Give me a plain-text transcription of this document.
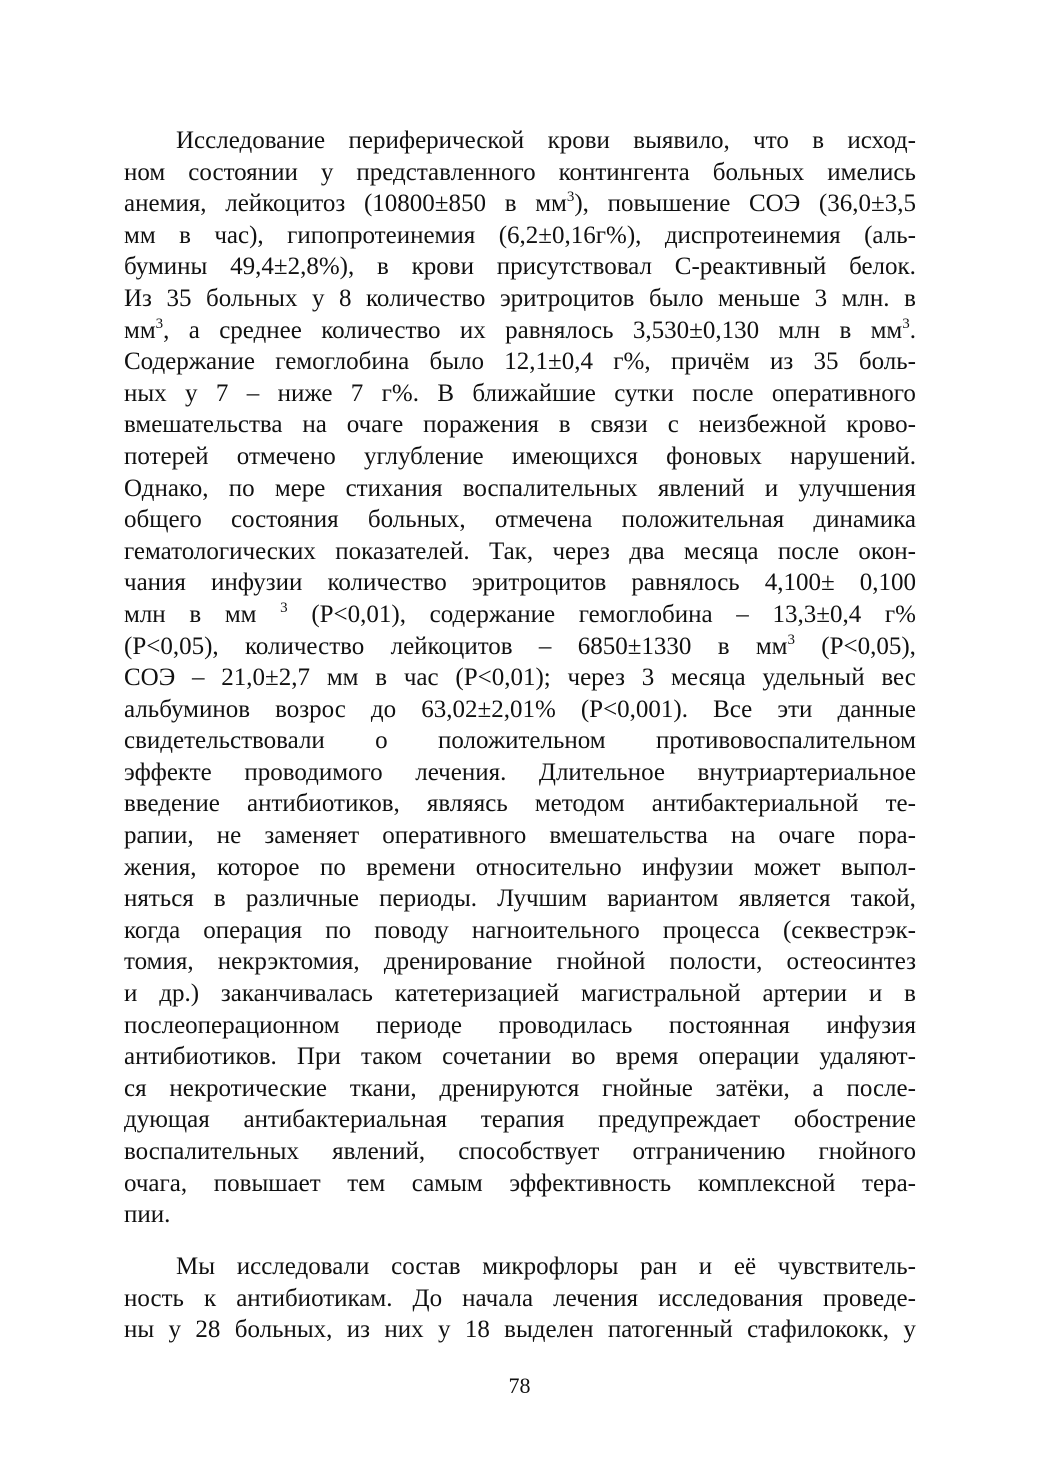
Исследование периферической крови выявило, что в исход-
ном состоянии у представленного контингента больных имелись
анемия, лейкоцитоз (10800±850 в $мм^3$), повышение СОЭ (36,0±3,5
мм в час), гипопротеинемия (6,2±0,16г%), диспротеинемия (аль-
бумины 49,4±2,8%), в крови присутствовал С-реактивный белок.
Из 35 больных у 8 количество эритроцитов было меньше 3 млн. в
$мм^3$, а среднее количество их равнялось 3,530±0,130 млн в $мм^3$.
Содержание гемоглобина было 12,1±0,4 г%, причём из 35 боль-
ных у 7 – ниже 7 г%. В ближайшие сутки после оперативного
вмешательства на очаге поражения в связи с неизбежной крово-
потерей отмечено углубление имеющихся фоновых нарушений.
Однако, по мере стихания воспалительных явлений и улучшения
общего состояния больных, отмечена положительная динамика
гематологических показателей. Так, через два месяца после окон-
чания инфузии количество эритроцитов равнялось 4,100± 0,100
млн в мм $^3$ (Р<0,01), содержание гемоглобина – 13,3±0,4 г%
(Р<0,05), количество лейкоцитов – 6850±1330 в $мм^3$ (Р<0,05),
СОЭ – 21,0±2,7 мм в час (Р<0,01); через 3 месяца удельный вес
альбуминов возрос до 63,02±2,01% (Р<0,001). Все эти данные
свидетельствовали о положительном противовоспалительном
эффекте проводимого лечения. Длительное внутриартериальное
введение антибиотиков, являясь методом антибактериальной те-
рапии, не заменяет оперативного вмешательства на очаге пора-
жения, которое по времени относительно инфузии может выпол-
няться в различные периоды. Лучшим вариантом является такой,
когда операция по поводу нагноительного процесса (секвестрэк-
томия, некрэктомия, дренирование гнойной полости, остеосинтез
и др.) заканчивалась катетеризацией магистральной артерии и в
послеоперационном периоде проводилась постоянная инфузия
антибиотиков. При таком сочетании во время операции удаляют-
ся некротические ткани, дренируются гнойные затёки, а после-
дующая антибактериальная терапия предупреждает обострение
воспалительных явлений, способствует отграничению гнойного
очага, повышает тем самым эффективность комплексной тера-
пии.

Мы исследовали состав микрофлоры ран и её чувствитель-
ность к антибиотикам. До начала лечения исследования проведе-
ны у 28 больных, из них у 18 выделен патогенный стафилококк, у
78
